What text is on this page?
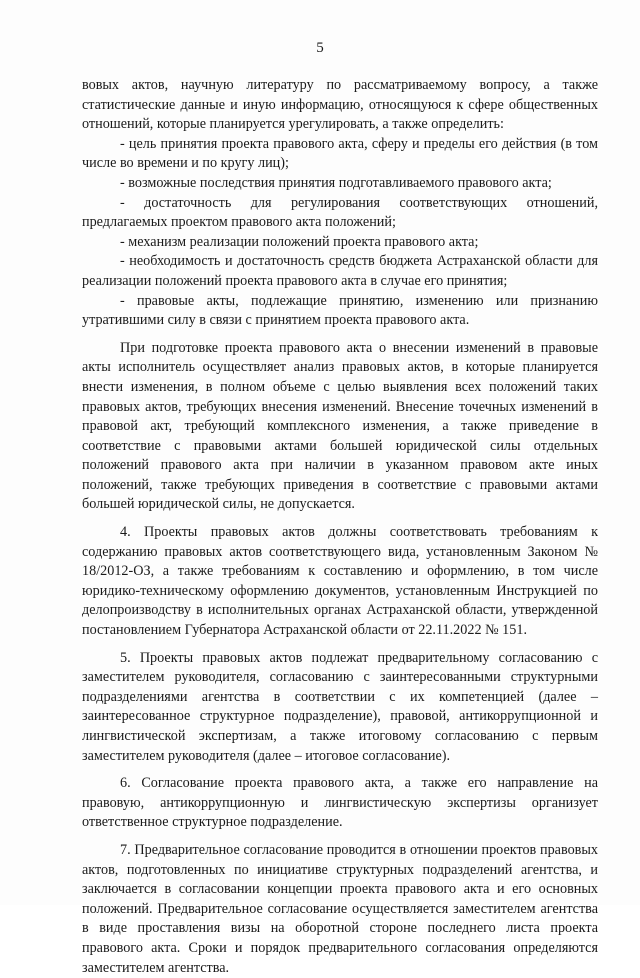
5

вовых актов, научную литературу по рассматриваемому вопросу, а также статистические данные и иную информацию, относящуюся к сфере общественных отношений, которые планируется урегулировать, а также определить:

- цель принятия проекта правового акта, сферу и пределы его действия (в том числе во времени и по кругу лиц);

- возможные последствия принятия подготавливаемого правового акта;

- достаточность для регулирования соответствующих отношений, предлагаемых проектом правового акта положений;

- механизм реализации положений проекта правового акта;

- необходимость и достаточность средств бюджета Астраханской области для реализации положений проекта правового акта в случае его принятия;

- правовые акты, подлежащие принятию, изменению или признанию утратившими силу в связи с принятием проекта правового акта.

При подготовке проекта правового акта о внесении изменений в правовые акты исполнитель осуществляет анализ правовых актов, в которые планируется внести изменения, в полном объеме с целью выявления всех положений таких правовых актов, требующих внесения изменений. Внесение точечных изменений в правовой акт, требующий комплексного изменения, а также приведение в соответствие с правовыми актами большей юридической силы отдельных положений правового акта при наличии в указанном правовом акте иных положений, также требующих приведения в соответствие с правовыми актами большей юридической силы, не допускается.

4. Проекты правовых актов должны соответствовать требованиям к содержанию правовых актов соответствующего вида, установленным Законом № 18/2012-ОЗ, а также требованиям к составлению и оформлению, в том числе юридико-техническому оформлению документов, установленным Инструкцией по делопроизводству в исполнительных органах Астраханской области, утвержденной постановлением Губернатора Астраханской области от 22.11.2022 № 151.

5. Проекты правовых актов подлежат предварительному согласованию с заместителем руководителя, согласованию с заинтересованными структурными подразделениями агентства в соответствии с их компетенцией (далее – заинтересованное структурное подразделение), правовой, антикоррупционной и лингвистической экспертизам, а также итоговому согласованию с первым заместителем руководителя (далее – итоговое согласование).

6. Согласование проекта правового акта, а также его направление на правовую, антикоррупционную и лингвистическую экспертизы организует ответственное структурное подразделение.

7. Предварительное согласование проводится в отношении проектов правовых актов, подготовленных по инициативе структурных подразделений агентства, и заключается в согласовании концепции проекта правового акта и его основных положений. Предварительное согласование осуществляется заместителем агентства в виде проставления визы на оборотной стороне последнего листа проекта правового акта. Сроки и порядок предварительного согласования определяются заместителем агентства.
